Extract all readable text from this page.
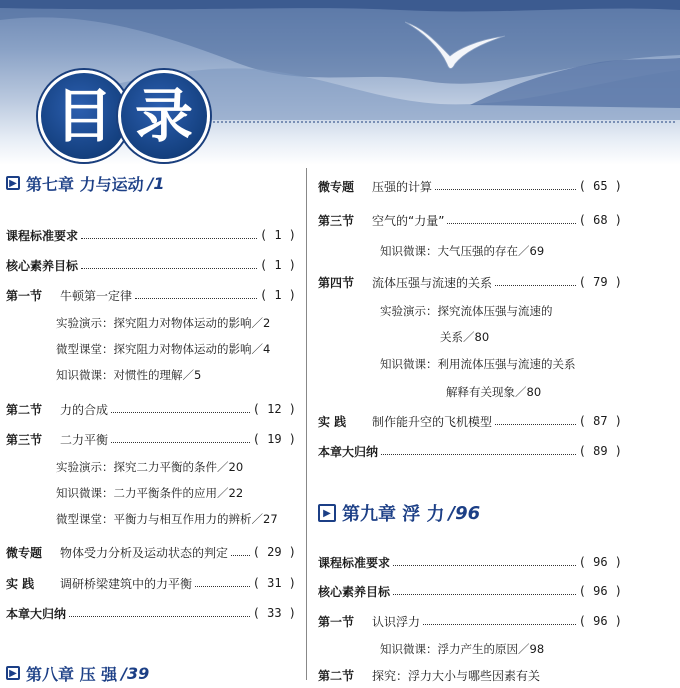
目 录
▶ 第七章 力与运动 /1
课程标准要求	( 1 )
核心素养目标	( 1 )
第一节	牛顿第一定律	( 1 )
实验演示：探究阻力对物体运动的影响／2
微型课堂：探究阻力对物体运动的影响／4
知识微课：对惯性的理解／5
第二节	力的合成	( 12 )
第三节	二力平衡	( 19 )
实验演示：探究二力平衡的条件／20
知识微课：二力平衡条件的应用／22
微型课堂：平衡力与相互作用力的辨析／27
微专题	物体受力分析及运动状态的判定 ( 29 )
实 践	调研桥梁建筑中的力平衡	( 31 )
本章大归纳	( 33 )
▶ 第八章 压 强 /39
微专题	压强的计算	( 65 )
第三节	空气的“力量”	( 68 )
知识微课：大气压强的存在／69
第四节	流体压强与流速的关系	( 79 )
实验演示：探究流体压强与流速的
关系／80
知识微课：利用流体压强与流速的关系
解释有关现象／80
实 践	制作能升空的飞机模型	( 87 )
本章大归纳	( 89 )
▶ 第九章 浮 力 /96
课程标准要求	( 96 )
核心素养目标	( 96 )
第一节	认识浮力	( 96 )
知识微课：浮力产生的原因／98
第二节	探究：浮力大小与哪些因素有关
